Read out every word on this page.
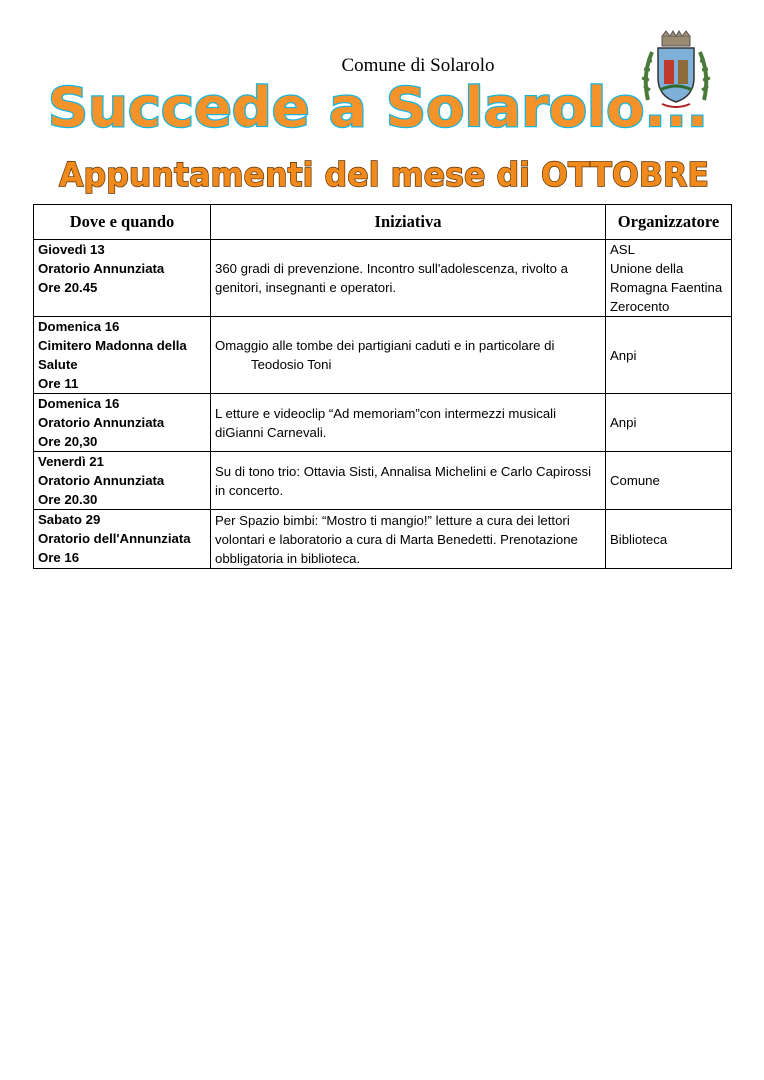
Comune di Solarolo
Succede a Solarolo...
Appuntamenti del mese di OTTOBRE
Dove e quando	Iniziativa	Organizzatore

Giovedì 13
Oratorio Annunziata
Ore 20.45	360 gradi di prevenzione. Incontro sull'adolescenza, rivolto a genitori, insegnanti e operatori.	ASL
Unione della Romagna Faentina
Zerocento

Domenica 16
Cimitero Madonna della Salute
Ore 11	Omaggio alle tombe dei partigiani caduti e in particolare di
Teodosio Toni	Anpi

Domenica 16
Oratorio Annunziata
Ore 20,30	L etture e videoclip “Ad memoriam”con intermezzi musicali diGianni Carnevali.	Anpi

Venerdì 21
Oratorio Annunziata
Ore 20.30	Su di tono trio: Ottavia Sisti, Annalisa Michelini e Carlo Capirossi in concerto.	Comune

Sabato 29
Oratorio dell'Annunziata
Ore 16	Per Spazio bimbi: “Mostro ti mangio!” letture a cura dei lettori volontari e laboratorio a cura di Marta Benedetti. Prenotazione obbligatoria in biblioteca.	Biblioteca
